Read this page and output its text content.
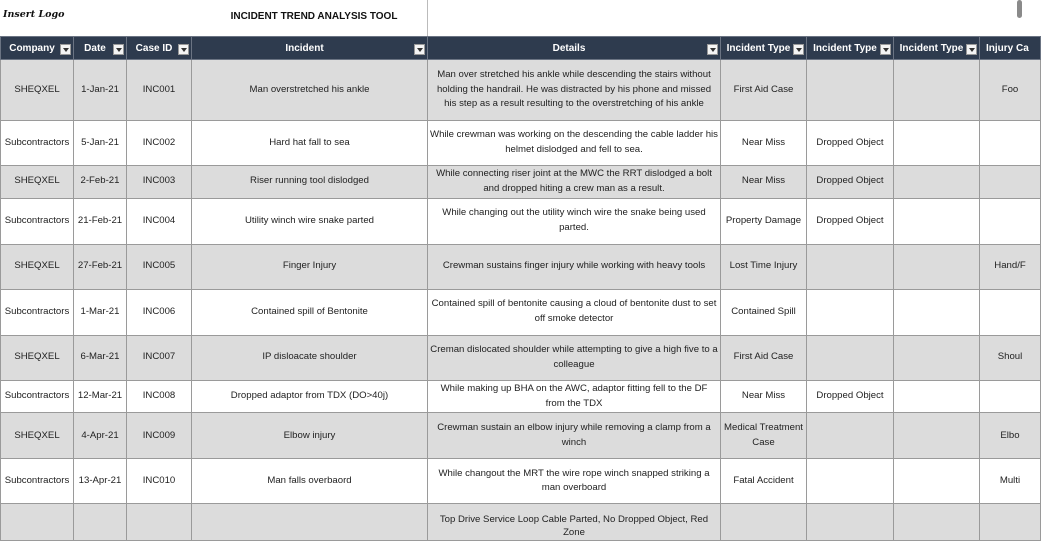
Insert Logo	INCIDENT TREND ANALYSIS TOOL
Company	Date	Case ID	Incident	Details	Incident Type	Incident Type	Incident Type	Injury Ca
SHEQXEL	1-Jan-21	INC001	Man overstretched his ankle	Man over stretched his ankle while descending the stairs without holding the handrail. He was distracted by his phone and missed his step as a result resulting to the overstretching of his ankle	First Aid Case			Foo
Subcontractors	5-Jan-21	INC002	Hard hat fall to sea	While crewman was working on the descending the cable ladder his helmet dislodged and fell to sea.	Near Miss	Dropped Object		
SHEQXEL	2-Feb-21	INC003	Riser running tool dislodged	While connecting riser joint at the MWC the RRT dislodged a bolt and dropped hiting a crew man as a result.	Near Miss	Dropped Object		
Subcontractors	21-Feb-21	INC004	Utility winch wire snake parted	While changing out the utility winch wire the snake being used parted.	Property Damage	Dropped Object		
SHEQXEL	27-Feb-21	INC005	Finger Injury	Crewman sustains finger injury while working with heavy tools	Lost Time Injury			Hand/F
Subcontractors	1-Mar-21	INC006	Contained spill of Bentonite	Contained spill of bentonite causing a cloud of bentonite dust to set off smoke detector	Contained Spill			
SHEQXEL	6-Mar-21	INC007	IP disloacate shoulder	Creman dislocated shoulder while attempting to give a high five to a colleague	First Aid Case			Shoul
Subcontractors	12-Mar-21	INC008	Dropped adaptor from TDX (DO>40j)	While making up BHA on the AWC, adaptor fitting fell to the DF from the TDX	Near Miss	Dropped Object		
SHEQXEL	4-Apr-21	INC009	Elbow injury	Crewman sustain an elbow injury while removing a clamp from a winch	Medical Treatment Case			Elbo
Subcontractors	13-Apr-21	INC010	Man falls overbaord	While changout the MRT the wire rope winch snapped striking a man overboard	Fatal Accident			Multi
				Top Drive Service Loop Cable Parted, No Dropped Object, Red Zone				
